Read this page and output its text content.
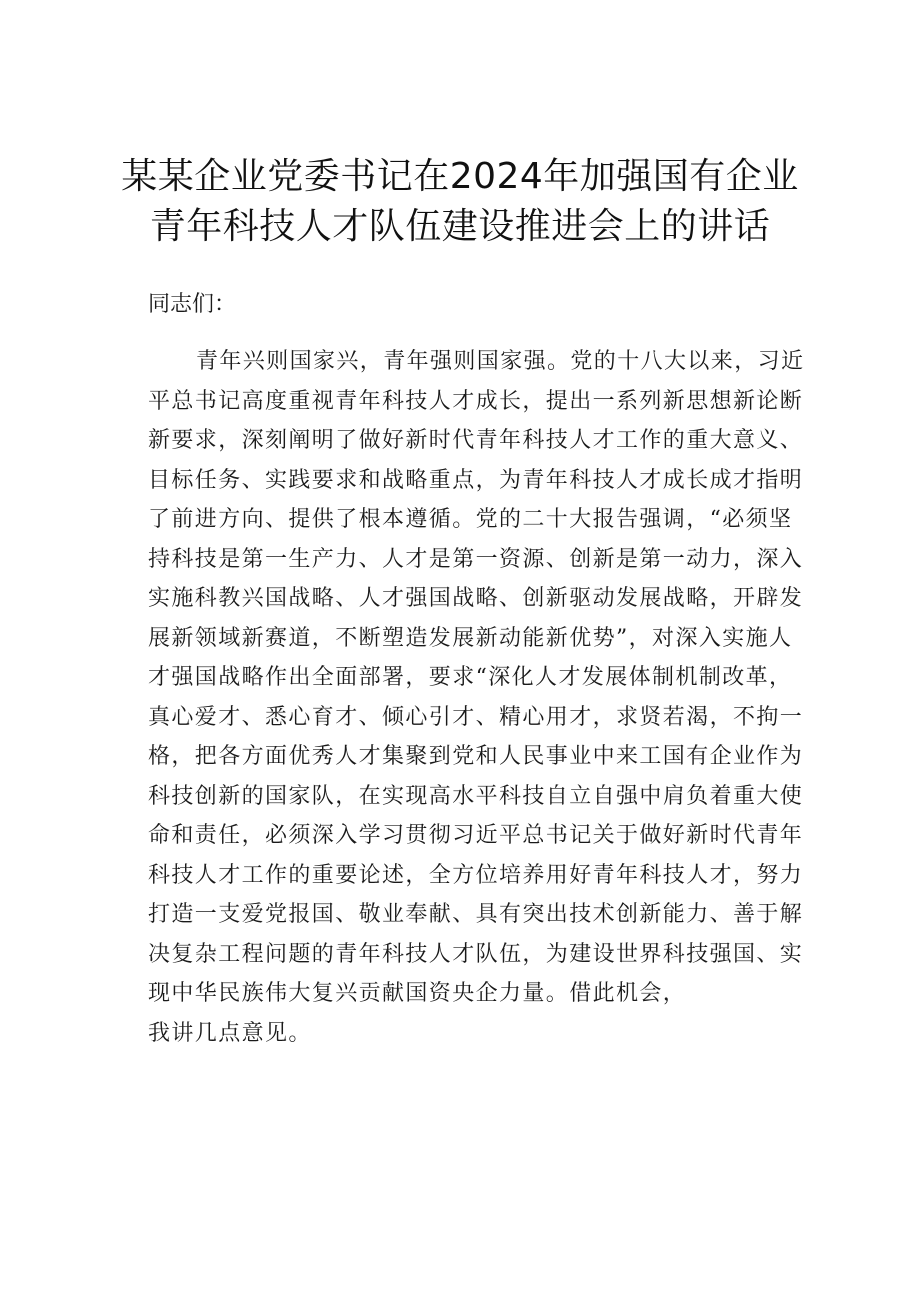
某某企业党委书记在2024年加强国有企业
青年科技人才队伍建设推进会上的讲话
同志们：
青年兴则国家兴，青年强则国家强。党的十八大以来，习近
平总书记高度重视青年科技人才成长，提出一系列新思想新论断
新要求，深刻阐明了做好新时代青年科技人才工作的重大意义、
目标任务、实践要求和战略重点，为青年科技人才成长成才指明
了前进方向、提供了根本遵循。党的二十大报告强调，“必须坚
持科技是第一生产力、人才是第一资源、创新是第一动力，深入
实施科教兴国战略、人才强国战略、创新驱动发展战略，开辟发
展新领域新赛道，不断塑造发展新动能新优势”，对深入实施人
才强国战略作出全面部署，要求“深化人才发展体制机制改革，
真心爱才、悉心育才、倾心引才、精心用才，求贤若渴，不拘一
格，把各方面优秀人才集聚到党和人民事业中来工国有企业作为
科技创新的国家队，在实现高水平科技自立自强中肩负着重大使
命和责任，必须深入学习贯彻习近平总书记关于做好新时代青年
科技人才工作的重要论述，全方位培养用好青年科技人才，努力
打造一支爱党报国、敬业奉献、具有突出技术创新能力、善于解
决复杂工程问题的青年科技人才队伍，为建设世界科技强国、实
现中华民族伟大复兴贡献国资央企力量。借此机会，
我讲几点意见。
